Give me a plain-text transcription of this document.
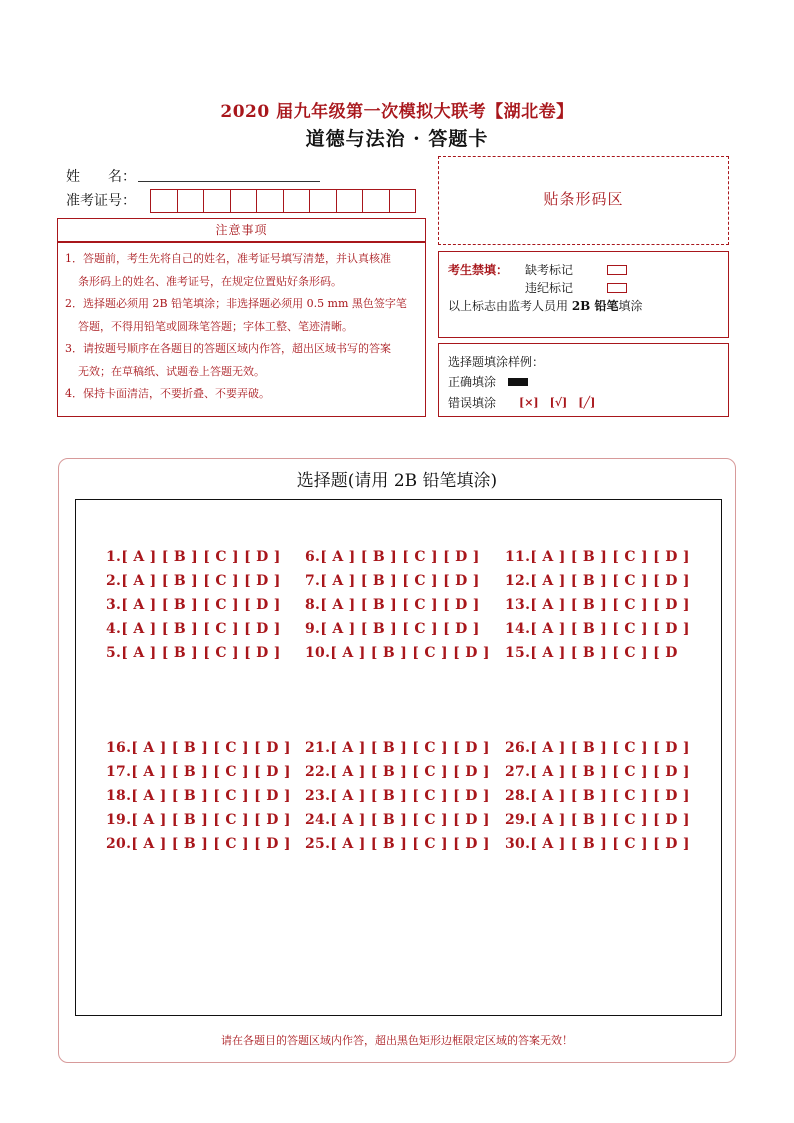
2020 届九年级第一次模拟大联考【湖北卷】
道德与法治 · 答题卡
姓　　名：
准考证号：
注意事项
1．答题前，考生先将自己的姓名，准考证号填写清楚，并认真核准
条形码上的姓名、准考证号，在规定位置贴好条形码。
2．选择题必须用 2B 铅笔填涂；非选择题必须用 0.5 mm 黑色签字笔
答题，不得用铅笔或圆珠笔答题；字体工整、笔迹清晰。
3．请按题号顺序在各题目的答题区域内作答，超出区域书写的答案
无效；在草稿纸、试题卷上答题无效。
4．保持卡面清洁，不要折叠、不要弄破。
贴条形码区
考生禁填： 缺考标记
违纪标记
以上标志由监考人员用 2B 铅笔填涂
选择题填涂样例：
正确填涂
错误填涂 [×]　[√]　[╱]
选择题(请用 2B 铅笔填涂)
1.[ A ] [ B ] [ C ] [ D ]
2.[ A ] [ B ] [ C ] [ D ]
3.[ A ] [ B ] [ C ] [ D ]
4.[ A ] [ B ] [ C ] [ D ]
5.[ A ] [ B ] [ C ] [ D ]
6.[ A ] [ B ] [ C ] [ D ]
7.[ A ] [ B ] [ C ] [ D ]
8.[ A ] [ B ] [ C ] [ D ]
9.[ A ] [ B ] [ C ] [ D ]
10.[ A ] [ B ] [ C ] [ D ]
11.[ A ] [ B ] [ C ] [ D ]
12.[ A ] [ B ] [ C ] [ D ]
13.[ A ] [ B ] [ C ] [ D ]
14.[ A ] [ B ] [ C ] [ D ]
15.[ A ] [ B ] [ C ] [ D
16.[ A ] [ B ] [ C ] [ D ]
17.[ A ] [ B ] [ C ] [ D ]
18.[ A ] [ B ] [ C ] [ D ]
19.[ A ] [ B ] [ C ] [ D ]
20.[ A ] [ B ] [ C ] [ D ]
21.[ A ] [ B ] [ C ] [ D ]
22.[ A ] [ B ] [ C ] [ D ]
23.[ A ] [ B ] [ C ] [ D ]
24.[ A ] [ B ] [ C ] [ D ]
25.[ A ] [ B ] [ C ] [ D ]
26.[ A ] [ B ] [ C ] [ D ]
27.[ A ] [ B ] [ C ] [ D ]
28.[ A ] [ B ] [ C ] [ D ]
29.[ A ] [ B ] [ C ] [ D ]
30.[ A ] [ B ] [ C ] [ D ]
请在各题目的答题区域内作答，超出黑色矩形边框限定区域的答案无效！
